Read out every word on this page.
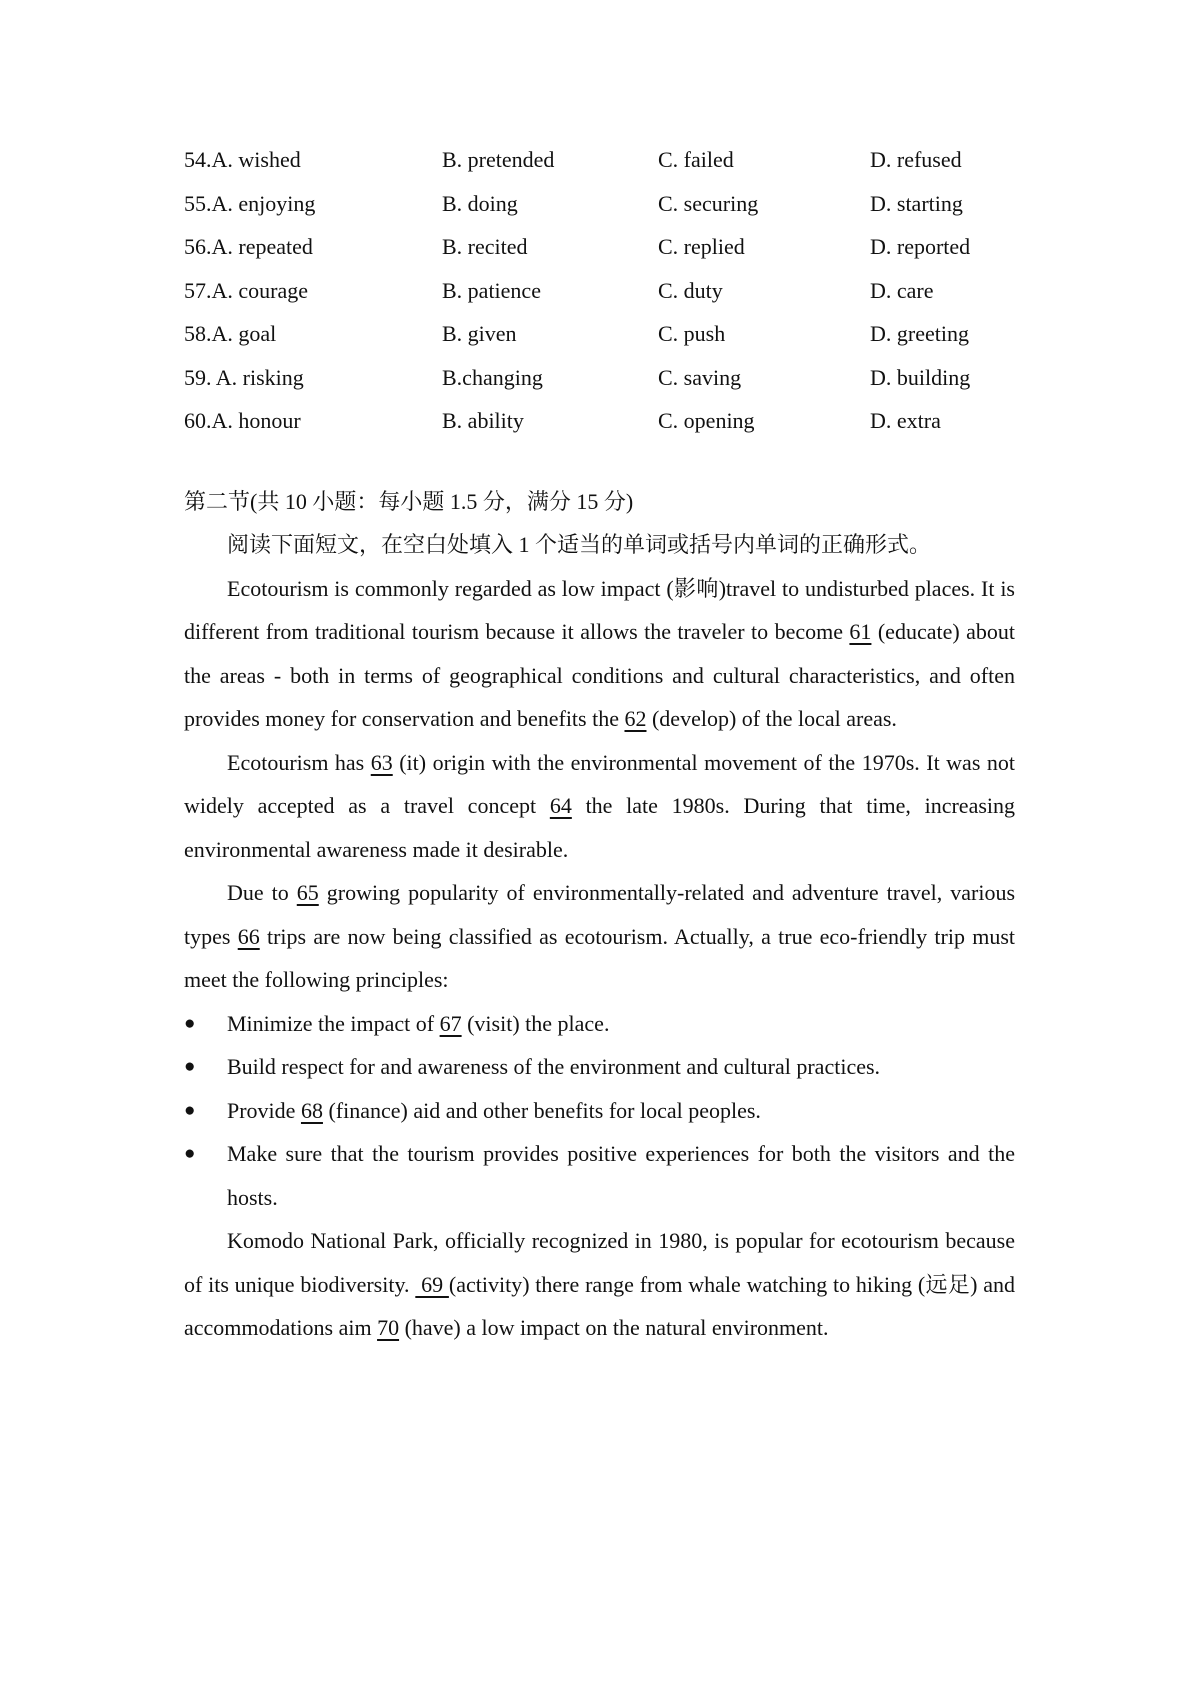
54.A. wished	B. pretended	C. failed	D. refused
55.A. enjoying	B. doing	C. securing	D. starting
56.A. repeated	B. recited	C. replied	D. reported
57.A. courage	B. patience	C. duty	D. care
58.A. goal	B. given	C. push	D. greeting
59. A. risking	B.changing	C. saving	D. building
60.A. honour	B. ability	C. opening	D. extra
第二节(共 10 小题：每小题 1.5 分，满分 15 分)
阅读下面短文，在空白处填入 1 个适当的单词或括号内单词的正确形式。

Ecotourism is commonly regarded as low impact (影响)travel to undisturbed places. It is different from traditional tourism because it allows the traveler to become 61 (educate) about the areas - both in terms of geographical conditions and cultural characteristics, and often provides money for conservation and benefits the 62 (develop) of the local areas.

Ecotourism has 63 (it) origin with the environmental movement of the 1970s. It was not widely accepted as a travel concept 64 the late 1980s. During that time, increasing environmental awareness made it desirable.

Due to 65 growing popularity of environmentally-related and adventure travel, various types 66 trips are now being classified as ecotourism. Actually, a true eco-friendly trip must meet the following principles:

● Minimize the impact of 67 (visit) the place.
● Build respect for and awareness of the environment and cultural practices.
● Provide 68 (finance) aid and other benefits for local peoples.
● Make sure that the tourism provides positive experiences for both the visitors and the hosts.

Komodo National Park, officially recognized in 1980, is popular for ecotourism because of its unique biodiversity.  69 (activity) there range from whale watching to hiking (远足) and accommodations aim 70 (have) a low impact on the natural environment.
